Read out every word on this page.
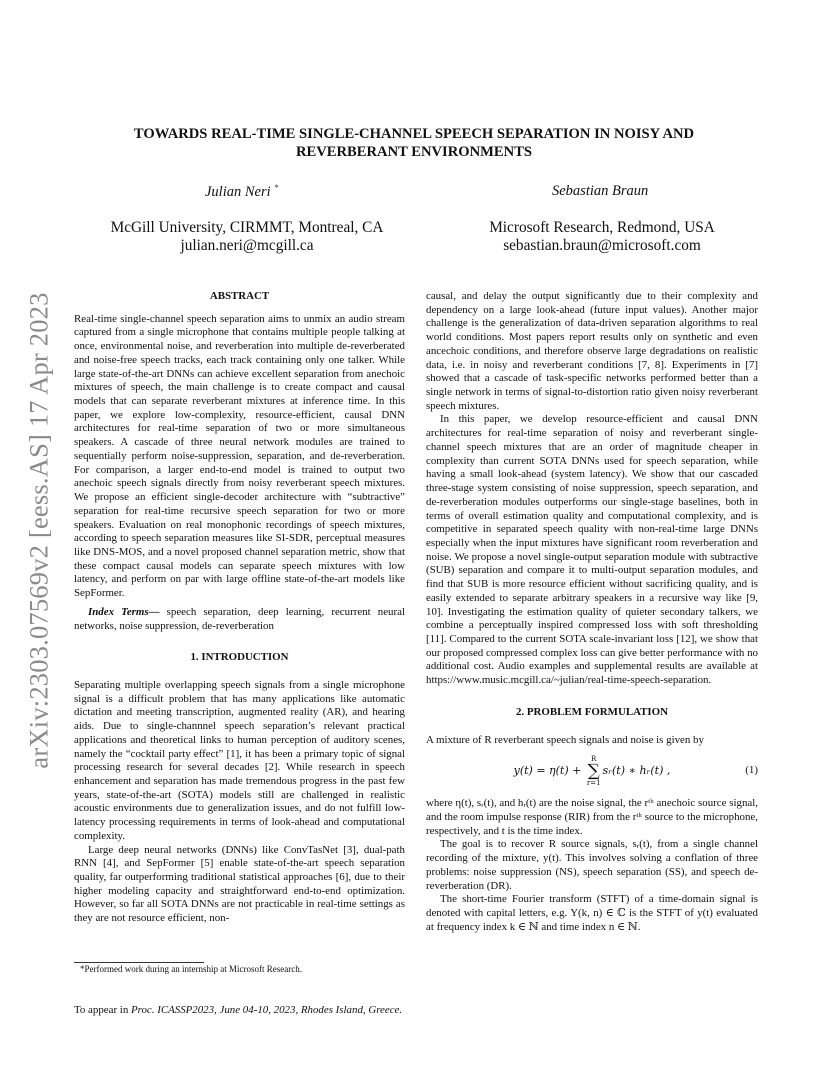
arXiv:2303.07569v2 [eess.AS] 17 Apr 2023
TOWARDS REAL-TIME SINGLE-CHANNEL SPEECH SEPARATION IN NOISY AND
REVERBERANT ENVIRONMENTS
Julian Neri *	Sebastian Braun
McGill University, CIRMMT, Montreal, CA
julian.neri@mcgill.ca
Microsoft Research, Redmond, USA
sebastian.braun@microsoft.com
ABSTRACT

Real-time single-channel speech separation aims to unmix an audio stream captured from a single microphone that contains multiple people talking at once, environmental noise, and reverberation into multiple de-reverberated and noise-free speech tracks, each track containing only one talker. While large state-of-the-art DNNs can achieve excellent separation from anechoic mixtures of speech, the main challenge is to create compact and causal models that can separate reverberant mixtures at inference time. In this paper, we explore low-complexity, resource-efficient, causal DNN architectures for real-time separation of two or more simultaneous speakers. A cascade of three neural network modules are trained to sequentially perform noise-suppression, separation, and de-reverberation. For comparison, a larger end-to-end model is trained to output two anechoic speech signals directly from noisy reverberant speech mixtures. We propose an efficient single-decoder architecture with “subtractive” separation for real-time recursive speech separation for two or more speakers. Evaluation on real monophonic recordings of speech mixtures, according to speech separation measures like SI-SDR, perceptual measures like DNS-MOS, and a novel proposed channel separation metric, show that these compact causal models can separate speech mixtures with low latency, and perform on par with large offline state-of-the-art models like SepFormer.

Index Terms— speech separation, deep learning, recurrent neural networks, noise suppression, de-reverberation

1. INTRODUCTION

Separating multiple overlapping speech signals from a single microphone signal is a difficult problem that has many applications like automatic dictation and meeting transcription, augmented reality (AR), and hearing aids. Due to single-channnel speech separation’s relevant practical applications and theoretical links to human perception of auditory scenes, namely the “cocktail party effect” [1], it has been a primary topic of signal processing research for several decades [2]. While research in speech enhancement and separation has made tremendous progress in the past few years, state-of-the-art (SOTA) models still are challenged in realistic acoustic environments due to generalization issues, and do not fulfill low-latency processing requirements in terms of look-ahead and computational complexity.

Large deep neural networks (DNNs) like ConvTasNet [3], dual-path RNN [4], and SepFormer [5] enable state-of-the-art speech separation quality, far outperforming traditional statistical approaches [6], due to their higher modeling capacity and straightforward end-to-end optimization. However, so far all SOTA DNNs are not practicable in real-time settings as they are not resource efficient, non-

*Performed work during an internship at Microsoft Research.

causal, and delay the output significantly due to their complexity and dependency on a large look-ahead (future input values). Another major challenge is the generalization of data-driven separation algorithms to real world conditions. Most papers report results only on synthetic and even ancechoic conditions, and therefore observe large degradations on realistic data, i.e. in noisy and reverberant conditions [7, 8]. Experiments in [7] showed that a cascade of task-specific networks performed better than a single network in terms of signal-to-distortion ratio given noisy reverberant speech mixtures.

In this paper, we develop resource-efficient and causal DNN architectures for real-time separation of noisy and reverberant single-channel speech mixtures that are an order of magnitude cheaper in complexity than current SOTA DNNs used for speech separation, while having a small look-ahead (system latency). We show that our cascaded three-stage system consisting of noise suppression, speech separation, and de-reverberation modules outperforms our single-stage baselines, both in terms of overall estimation quality and computational complexity, and is competitive in separated speech quality with non-real-time large DNNs especially when the input mixtures have significant room reverberation and noise. We propose a novel single-output separation module with subtractive (SUB) separation and compare it to multi-output separation modules, and find that SUB is more resource efficient without sacrificing quality, and is easily extended to separate arbitrary speakers in a recursive way like [9, 10]. Investigating the estimation quality of quieter secondary talkers, we combine a perceptually inspired compressed loss with soft thresholding [11]. Compared to the current SOTA scale-invariant loss [12], we show that our proposed compressed complex loss can give better performance with no additional cost. Audio examples and supplemental results are available at https://www.music.mcgill.ca/~julian/real-time-speech-separation.

2. PROBLEM FORMULATION

A mixture of R reverberant speech signals and noise is given by

y(t) = η(t) +
R
∑
r=1
sᵣ(t) ∗ hᵣ(t) ,	(1)

where η(t), sᵣ(t), and hᵣ(t) are the noise signal, the rᵗʰ anechoic source signal, and the room impulse response (RIR) from the rᵗʰ source to the microphone, respectively, and t is the time index.

The goal is to recover R source signals, sᵣ(t), from a single channel recording of the mixture, y(t). This involves solving a conflation of three problems: noise suppression (NS), speech separation (SS), and speech de-reverberation (DR).

The short-time Fourier transform (STFT) of a time-domain signal is denoted with capital letters, e.g. Y(k, n) ∈ ℂ is the STFT of y(t) evaluated at frequency index k ∈ ℕ and time index n ∈ ℕ.

To appear in Proc. ICASSP2023, June 04-10, 2023, Rhodes Island, Greece.
